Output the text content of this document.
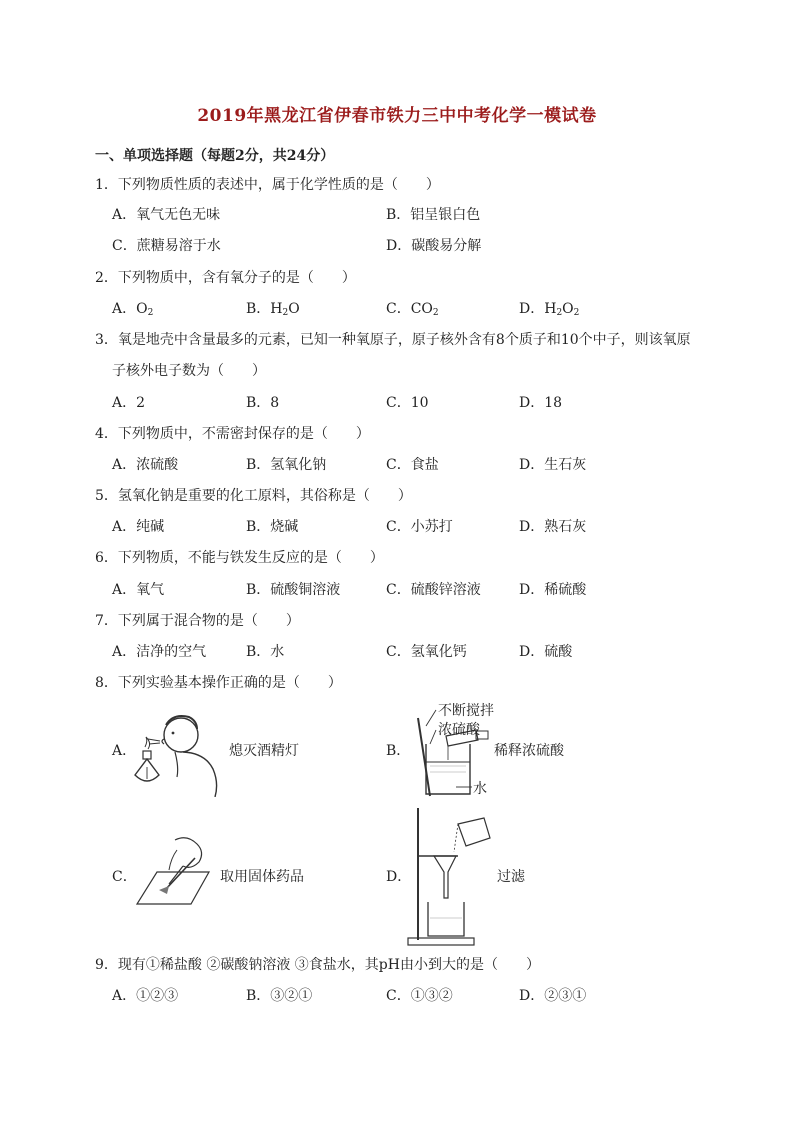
2019年黑龙江省伊春市铁力三中中考化学一模试卷
一、单项选择题（每题2分，共24分）
1．下列物质性质的表述中，属于化学性质的是（　　）
A．氧气无色无味	B．铝呈银白色
C．蔗糖易溶于水	D．碳酸易分解
2．下列物质中，含有氧分子的是（　　）
A．$O_2$	B．$H_2O$	C．$CO_2$	D．$H_2O_2$
3．氧是地壳中含量最多的元素，已知一种氧原子，原子核外含有8个质子和10个中子，则该氧原
子核外电子数为（　　）
A．2	B．8	C．10	D．18
4．下列物质中，不需密封保存的是（　　）
A．浓硫酸	B．氢氧化钠	C．食盐	D．生石灰
5．氢氧化钠是重要的化工原料，其俗称是（　　）
A．纯碱	B．烧碱	C．小苏打	D．熟石灰
6．下列物质，不能与铁发生反应的是（　　）
A．氧气	B．硫酸铜溶液	C．硫酸锌溶液	D．稀硫酸
7．下列属于混合物的是（　　）
A．洁净的空气	B．水	C．氢氧化钙	D．硫酸
8．下列实验基本操作正确的是（　　）
A．	熄灭酒精灯	B．
不断搅拌
浓硫酸
稀释浓硫酸
水
C．	取用固体药品	D．	过滤
9．现有①稀盐酸 ②碳酸钠溶液 ③食盐水，其pH由小到大的是（　　）
A．①②③	B．③②①	C．①③②	D．②③①
